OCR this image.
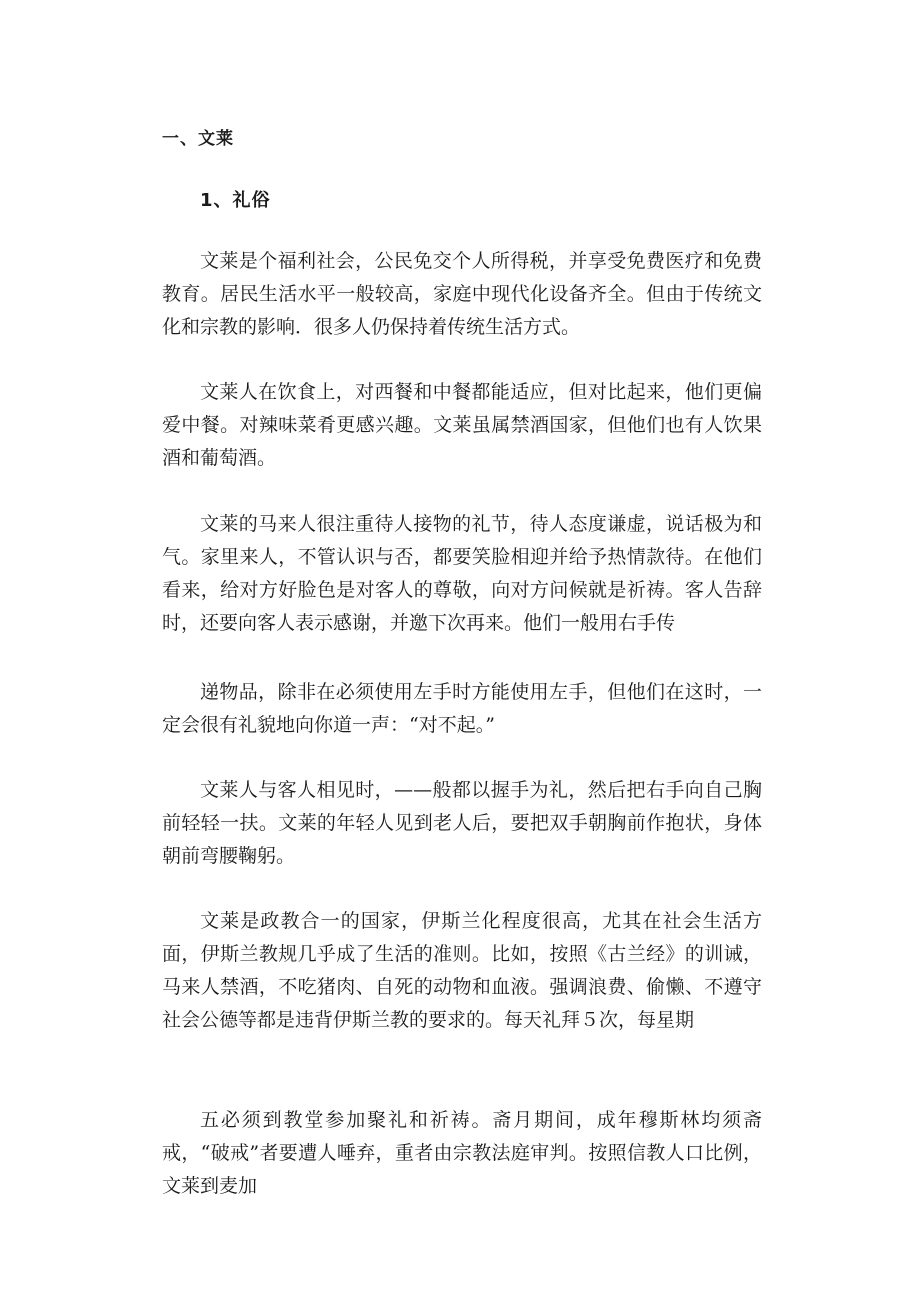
一、文莱
1、礼俗

文莱是个福利社会，公民免交个人所得税，并享受免费医疗和免费教育。居民生活水平一般较高，家庭中现代化设备齐全。但由于传统文化和宗教的影响．很多人仍保持着传统生活方式。

文莱人在饮食上，对西餐和中餐都能适应，但对比起来，他们更偏爱中餐。对辣味菜肴更感兴趣。文莱虽属禁酒国家，但他们也有人饮果酒和葡萄酒。

文莱的马来人很注重待人接物的礼节，待人态度谦虚，说话极为和气。家里来人，不管认识与否，都要笑脸相迎并给予热情款待。在他们看来，给对方好脸色是对客人的尊敬，向对方问候就是祈祷。客人告辞时，还要向客人表示感谢，并邀下次再来。他们一般用右手传

递物品，除非在必须使用左手时方能使用左手，但他们在这时，一定会很有礼貌地向你道一声：“对不起。”

文莱人与客人相见时，——般都以握手为礼，然后把右手向自己胸前轻轻一扶。文莱的年轻人见到老人后，要把双手朝胸前作抱状，身体朝前弯腰鞠躬。

文莱是政教合一的国家，伊斯兰化程度很高，尤其在社会生活方面，伊斯兰教规几乎成了生活的准则。比如，按照《古兰经》的训诫，马来人禁酒，不吃猪肉、自死的动物和血液。强调浪费、偷懒、不遵守社会公德等都是违背伊斯兰教的要求的。每天礼拜５次，每星期

五必须到教堂参加聚礼和祈祷。斋月期间，成年穆斯林均须斋戒，“破戒”者要遭人唾弃，重者由宗教法庭审判。按照信教人口比例，文莱到麦加
